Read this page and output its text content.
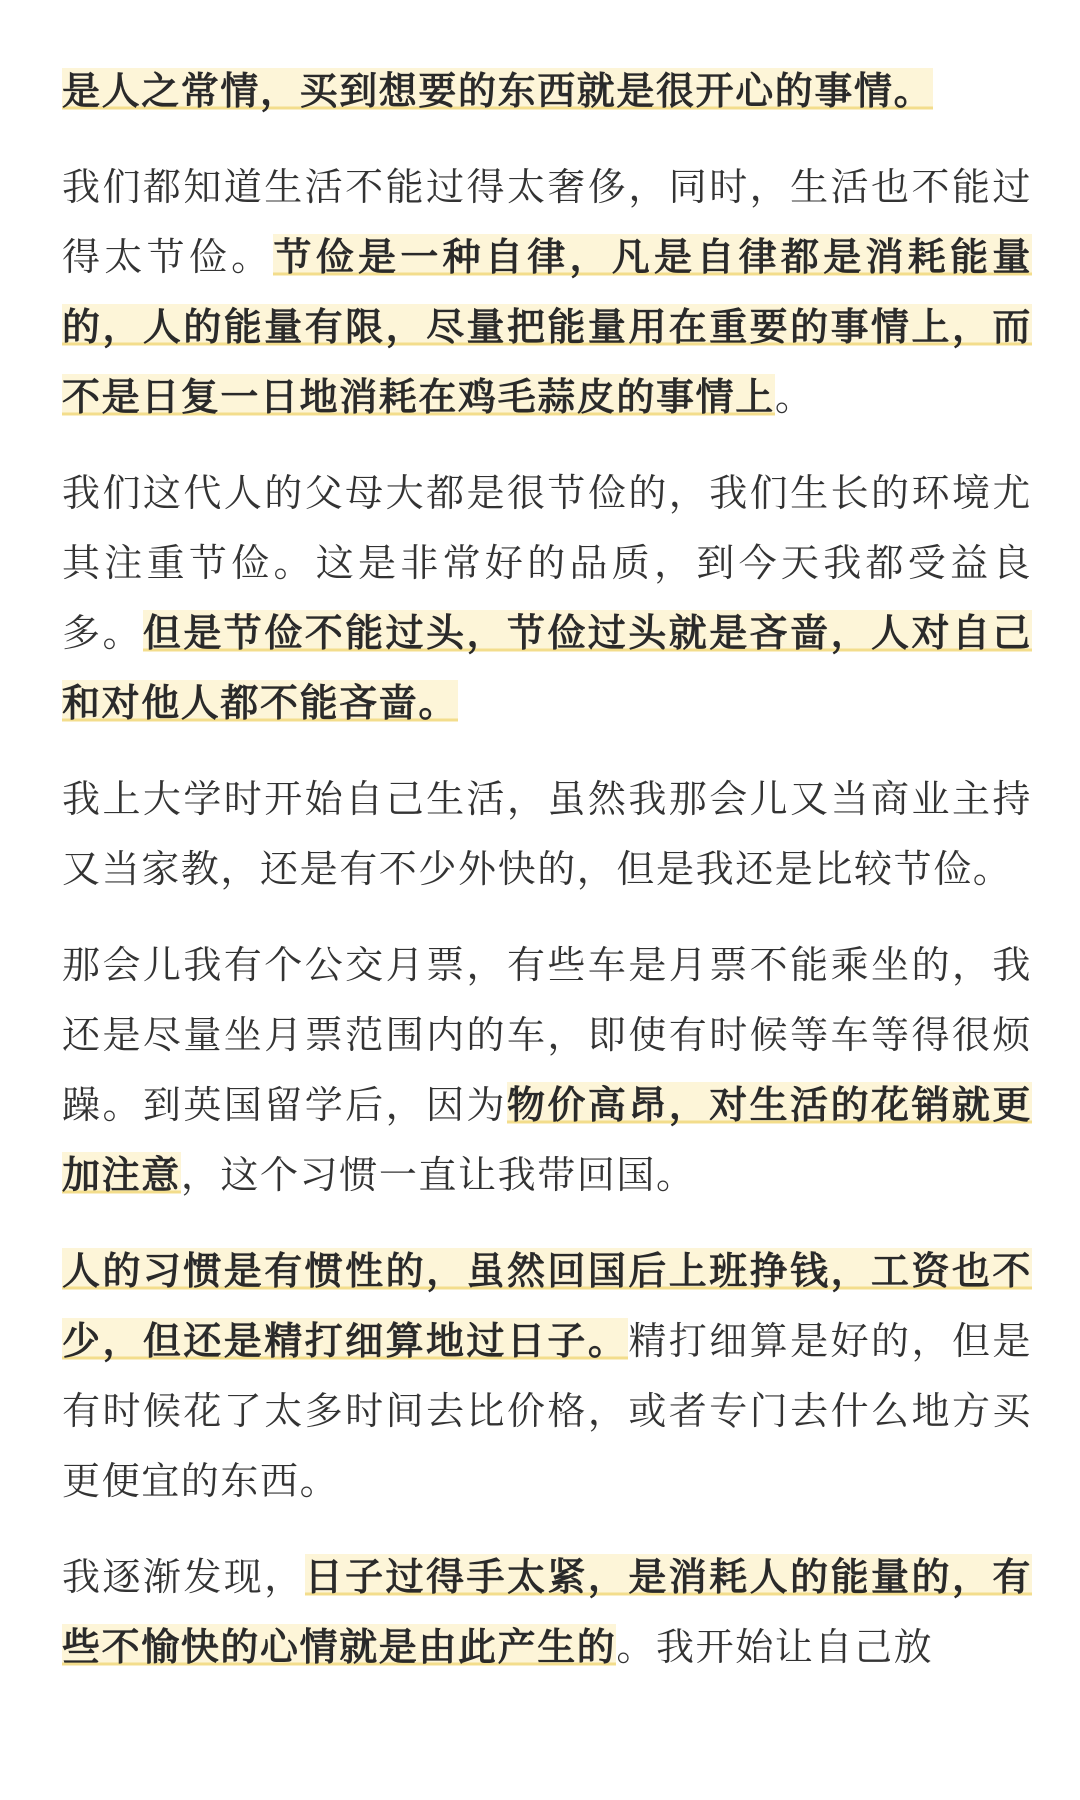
是人之常情，买到想要的东西就是很开心的事情。

我们都知道生活不能过得太奢侈，同时，生活也不能过得太节俭。节俭是一种自律，凡是自律都是消耗能量的，人的能量有限，尽量把能量用在重要的事情上，而不是日复一日地消耗在鸡毛蒜皮的事情上。

我们这代人的父母大都是很节俭的，我们生长的环境尤其注重节俭。这是非常好的品质，到今天我都受益良多。但是节俭不能过头，节俭过头就是吝啬，人对自己和对他人都不能吝啬。

我上大学时开始自己生活，虽然我那会儿又当商业主持又当家教，还是有不少外快的，但是我还是比较节俭。

那会儿我有个公交月票，有些车是月票不能乘坐的，我还是尽量坐月票范围内的车，即使有时候等车等得很烦躁。到英国留学后，因为物价高昂，对生活的花销就更加注意，这个习惯一直让我带回国。

人的习惯是有惯性的，虽然回国后上班挣钱，工资也不少，但还是精打细算地过日子。精打细算是好的，但是有时候花了太多时间去比价格，或者专门去什么地方买更便宜的东西。

我逐渐发现，日子过得手太紧，是消耗人的能量的，有些不愉快的心情就是由此产生的。我开始让自己放
